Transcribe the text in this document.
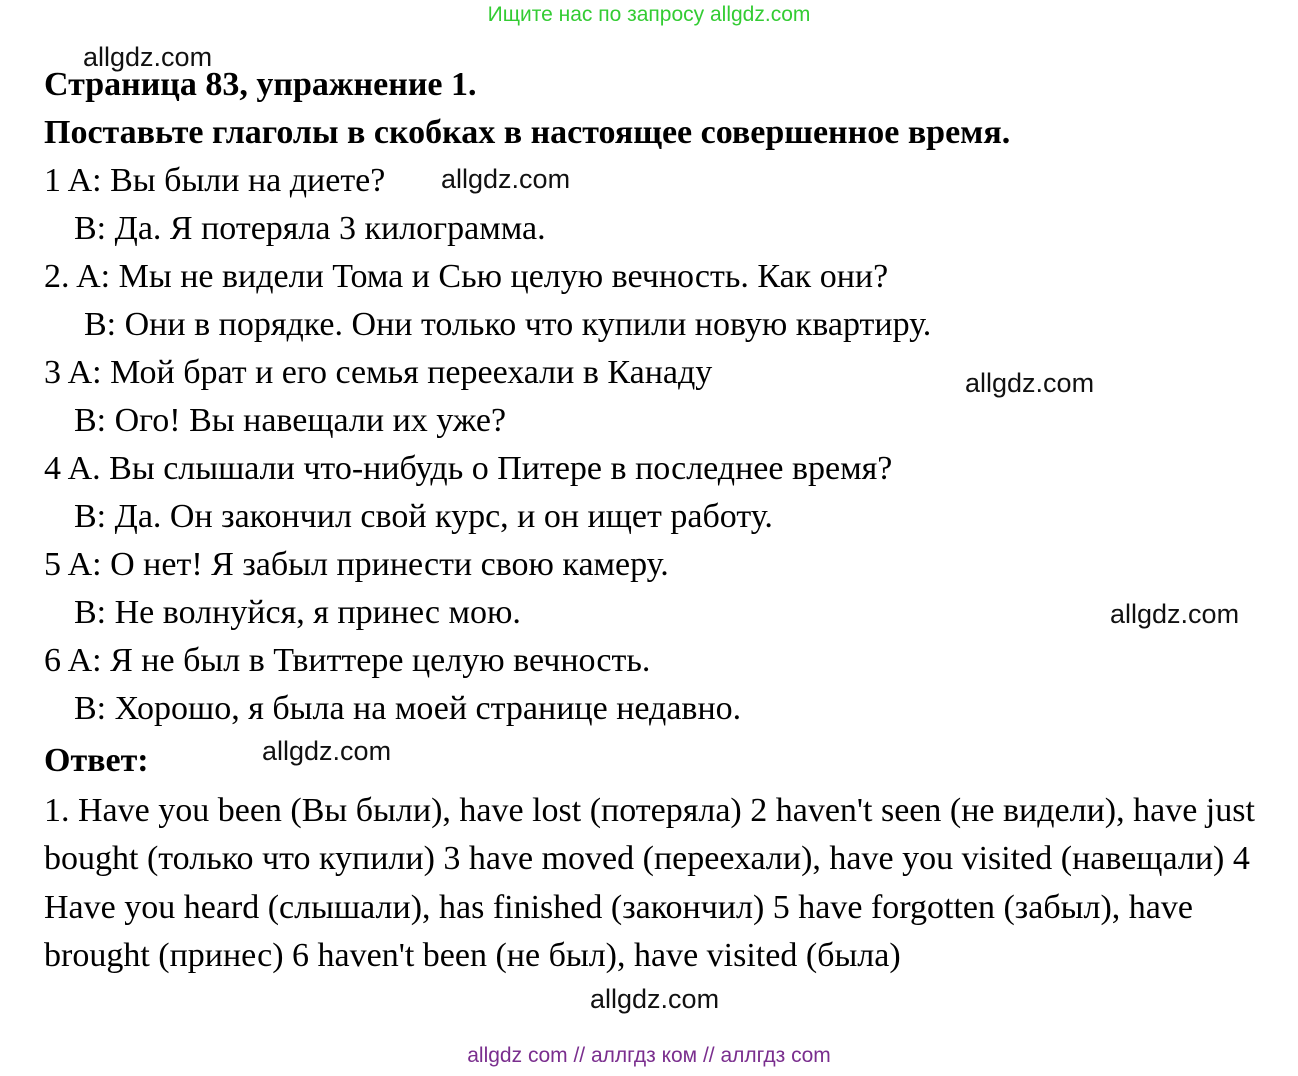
Ищите нас по запросу allgdz.com
allgdz.com
Страница 83, упражнение 1.
Поставьте глаголы в скобках в настоящее совершенное время.
1 A: Вы были на диете? allgdz.com
B: Да. Я потеряла 3 килограмма.
2. A: Мы не видели Тома и Сью целую вечность. Как они?
B: Они в порядке. Они только что купили новую квартиру.
3 A: Мой брат и его семья переехали в Канаду	allgdz.com
B: Ого! Вы навещали их уже?
4 A. Вы слышали что-нибудь о Питере в последнее время?
B: Да. Он закончил свой курс, и он ищет работу.
5 A: О нет! Я забыл принести свою камеру.
B: Не волнуйся, я принес мою.	allgdz.com
6 A: Я не был в Твиттере целую вечность.
B: Хорошо, я была на моей странице недавно.
Ответ:	allgdz.com
1. Have you been (Вы были), have lost (потеряла) 2 haven't seen (не видели), have just bought (только что купили) 3 have moved (переехали), have you visited (навещали) 4 Have you heard (слышали), has finished (закончил) 5 have forgotten (забыл), have brought (принес) 6 haven't been (не был), have visited (была)
allgdz.com
allgdz com // аллгдз ком // аллгдз com
